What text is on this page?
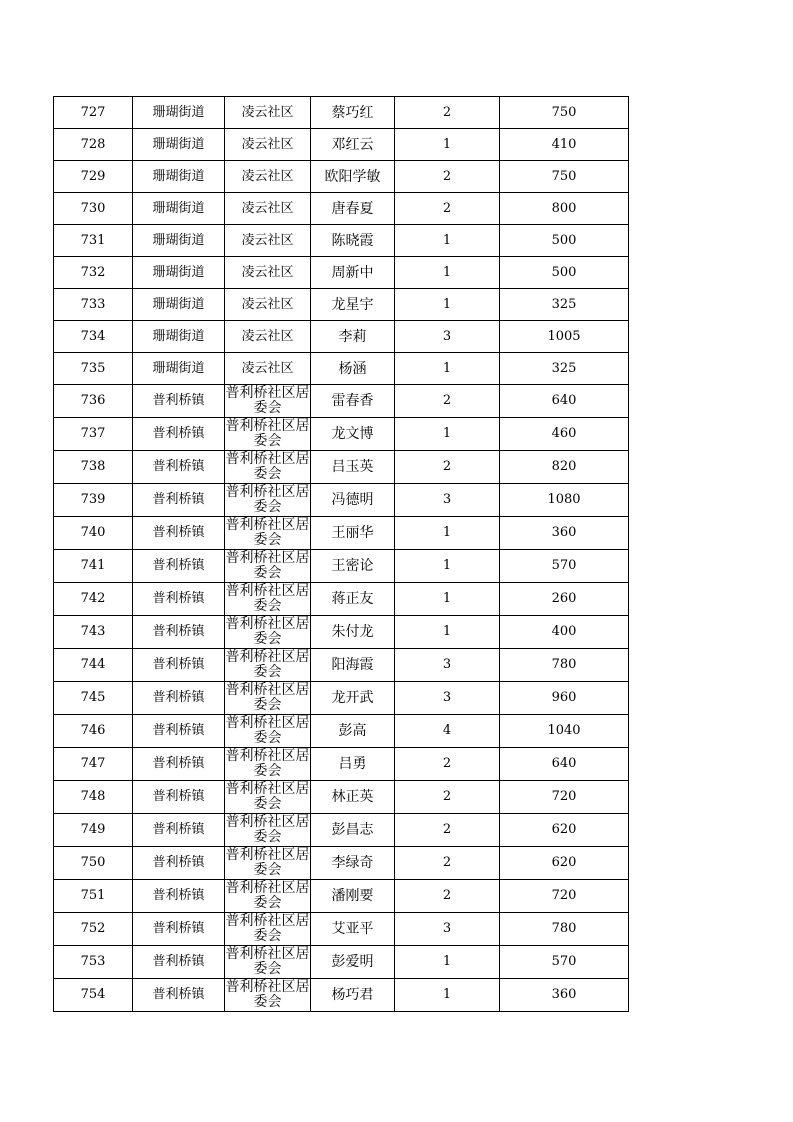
727	珊瑚街道	凌云社区	蔡巧红	2	750
728	珊瑚街道	凌云社区	邓红云	1	410
729	珊瑚街道	凌云社区	欧阳学敏	2	750
730	珊瑚街道	凌云社区	唐春夏	2	800
731	珊瑚街道	凌云社区	陈晓霞	1	500
732	珊瑚街道	凌云社区	周新中	1	500
733	珊瑚街道	凌云社区	龙星宇	1	325
734	珊瑚街道	凌云社区	李莉	3	1005
735	珊瑚街道	凌云社区	杨涵	1	325
736	普利桥镇	普利桥社区居委会	雷春香	2	640
737	普利桥镇	普利桥社区居委会	龙文博	1	460
738	普利桥镇	普利桥社区居委会	吕玉英	2	820
739	普利桥镇	普利桥社区居委会	冯德明	3	1080
740	普利桥镇	普利桥社区居委会	王丽华	1	360
741	普利桥镇	普利桥社区居委会	王密论	1	570
742	普利桥镇	普利桥社区居委会	蒋正友	1	260
743	普利桥镇	普利桥社区居委会	朱付龙	1	400
744	普利桥镇	普利桥社区居委会	阳海霞	3	780
745	普利桥镇	普利桥社区居委会	龙开武	3	960
746	普利桥镇	普利桥社区居委会	彭高	4	1040
747	普利桥镇	普利桥社区居委会	吕勇	2	640
748	普利桥镇	普利桥社区居委会	林正英	2	720
749	普利桥镇	普利桥社区居委会	彭昌志	2	620
750	普利桥镇	普利桥社区居委会	李绿奇	2	620
751	普利桥镇	普利桥社区居委会	潘刚要	2	720
752	普利桥镇	普利桥社区居委会	艾亚平	3	780
753	普利桥镇	普利桥社区居委会	彭爱明	1	570
754	普利桥镇	普利桥社区居委会	杨巧君	1	360
